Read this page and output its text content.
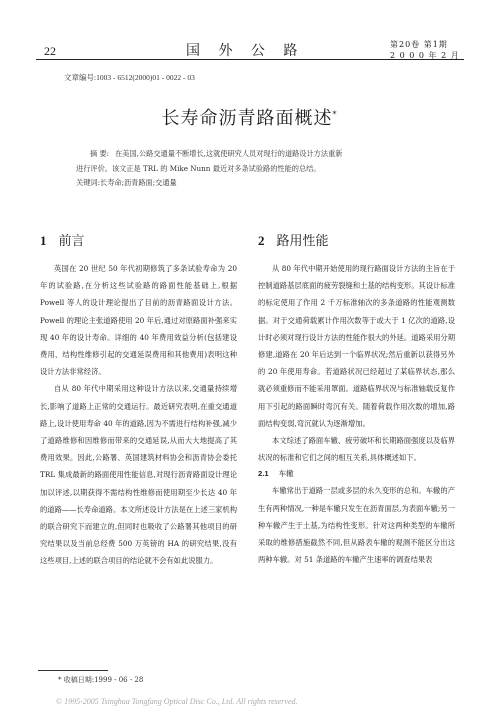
22	国 外 公 路	第20卷 第1期
2 0 0 0 年 2 月
文章编号:1003 - 6512(2000)01 - 0022 - 03
长寿命沥青路面概述*
摘 要: 在美国,公路交通量不断增长,这就使研究人员对现行的道路设计方法重新
进行评价。该文正是 TRL 的 Mike Nunn 最近对多条试验路的性能的总结。
关键词:长寿命;沥青路面;交通量
1 前言	2 路用性能

英国在 20 世纪 50 年代初期修筑了多条试验寿命为 20 年的试验路,在分析这些试验路的路面性能基础上,根据 Powell 等人的设计理论提出了目前的沥青路面设计方法。Powell 的理论主张道路使用 20 年后,通过对原路面补强来实现 40 年的设计寿命。详细的 40 年费用效益分析(包括建设费用、结构性维修引起的交通延误费用和其他费用)表明这种设计方法非常经济。

自从 80 年代中期采用这种设计方法以来,交通量持续增长,影响了道路上正常的交通运行。最近研究表明,在重交通道路上,设计使用寿命 40 年的道路,因为不需进行结构补强,减少了道路维修和因维修而带来的交通延误,从而大大地提高了其费用效果。因此,公路署、英国建筑材料协会和沥青协会委托 TRL 集成最新的路面使用性能信息,对现行沥青路面设计理论加以评述,以期获得不需结构性维修而使用期至少长达 40 年的道路——长寿命道路。本文所述设计方法是在上述三家机构的联合研究下而建立的,但同时也吸收了公路署其他项目的研究结果以及当前总经费 500 万英镑的 HA 的研究结果,没有这些项目,上述的联合项目的结论就不会有如此说服力。

从 80 年代中期开始使用的现行路面设计方法的主旨在于控制道路基层底面的疲劳裂缝和土基的结构变形。其设计标准的标定使用了作用 2 千万标准轴次的多条道路的性能观测数据。对于交通荷载累计作用次数等于或大于 1 亿次的道路,设计时必须对现行设计方法的性能作很大的外延。道路采用分期修建,道路在 20 年后达到一个临界状况;然后重新以获得另外的 20 年使用寿命。若道路状况已经超过了某临界状态,那么就必须重修而不能采用罩面。道路临界状况与标准轴载反复作用下引起的路面瞬时弯沉有关。随着荷载作用次数的增加,路面结构变弱,弯沉就认为逐渐增加。

本文综述了路面车辙、疲劳破坏和长期路面强度以及临界状况的标准和它们之间的相互关系,具体概述如下。

2.1 车辙

车辙常出于道路一层或多层的永久变形的总和。车辙的产生有两种情况,一种是车辙只发生在沥青面层,为表面车辙;另一种车辙产生于土基,为结构性变形。针对这两种类型的车辙所采取的维修措施截然不同,但从路表车辙的观测不能区分出这两种车辙。对 51 条道路的车辙产生速率的调查结果表

* 收稿日期:1999 - 06 - 28
© 1995-2005 Tsinghua Tongfang Optical Disc Co., Ltd. All rights reserved.
